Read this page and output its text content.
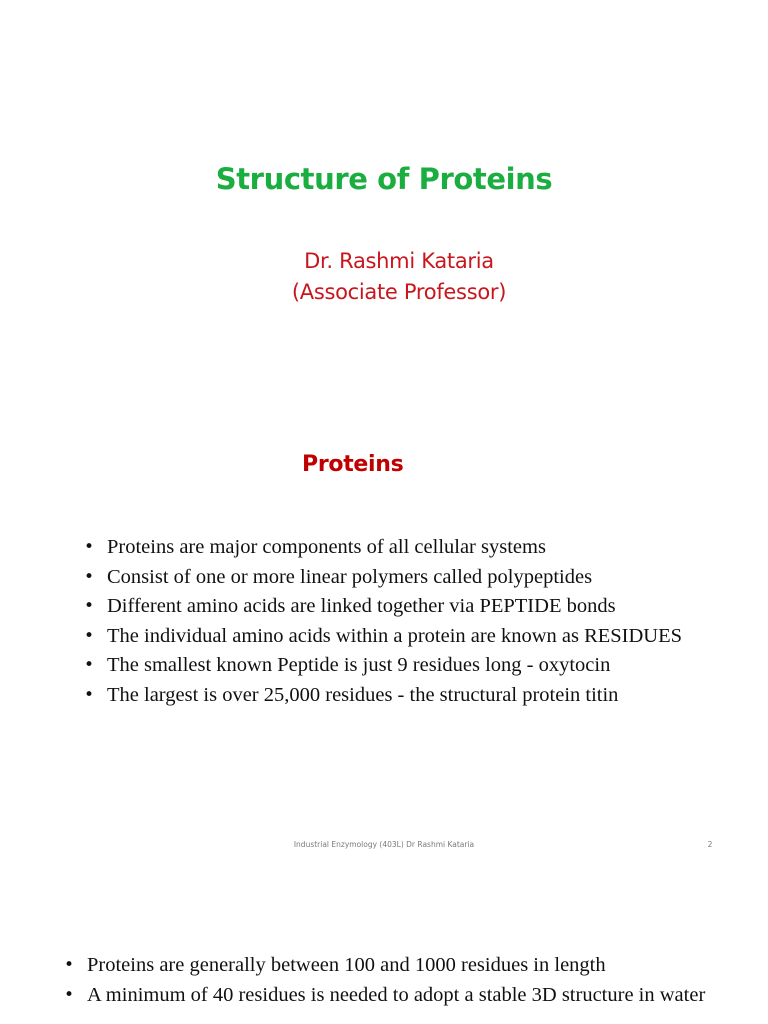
Structure of Proteins
Dr. Rashmi Kataria
(Associate Professor)
Proteins
• Proteins are major components of all cellular systems
• Consist of one or more linear polymers called polypeptides
• Different amino acids are linked together via PEPTIDE bonds
• The individual amino acids within a protein are known as RESIDUES
• The smallest known Peptide is just 9 residues long - oxytocin
• The largest is over 25,000 residues - the structural protein titin
Industrial Enzymology (403L) Dr Rashmi Kataria	2
• Proteins are generally between 100 and 1000 residues in length
• A minimum of 40 residues is needed to adopt a stable 3D structure in water
